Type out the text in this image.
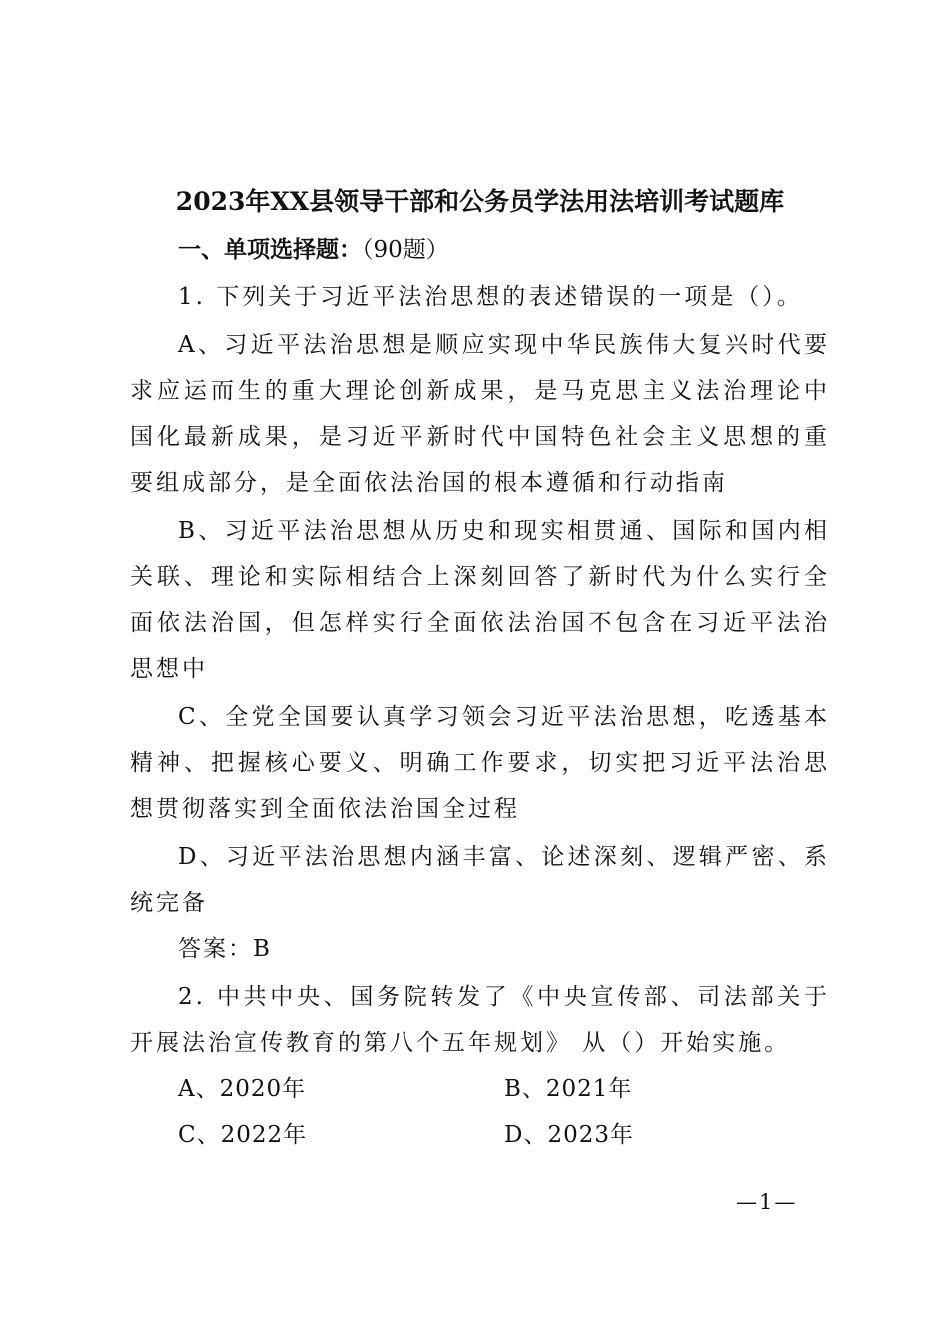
2023年XX县领导干部和公务员学法用法培训考试题库
一、单项选择题：（90题）

1. 下列关于习近平法治思想的表述错误的一项是（）。

A、习近平法治思想是顺应实现中华民族伟大复兴时代要求应运而生的重大理论创新成果，是马克思主义法治理论中国化最新成果，是习近平新时代中国特色社会主义思想的重要组成部分，是全面依法治国的根本遵循和行动指南

B、习近平法治思想从历史和现实相贯通、国际和国内相关联、理论和实际相结合上深刻回答了新时代为什么实行全面依法治国，但怎样实行全面依法治国不包含在习近平法治思想中

C、全党全国要认真学习领会习近平法治思想，吃透基本精神、把握核心要义、明确工作要求，切实把习近平法治思想贯彻落实到全面依法治国全过程

D、习近平法治思想内涵丰富、论述深刻、逻辑严密、系统完备

答案：B

2. 中共中央、国务院转发了《中央宣传部、司法部关于开展法治宣传教育的第八个五年规划》 从（）开始实施。

A、2020年	B、2021年
C、2022年	D、2023年
—1—
